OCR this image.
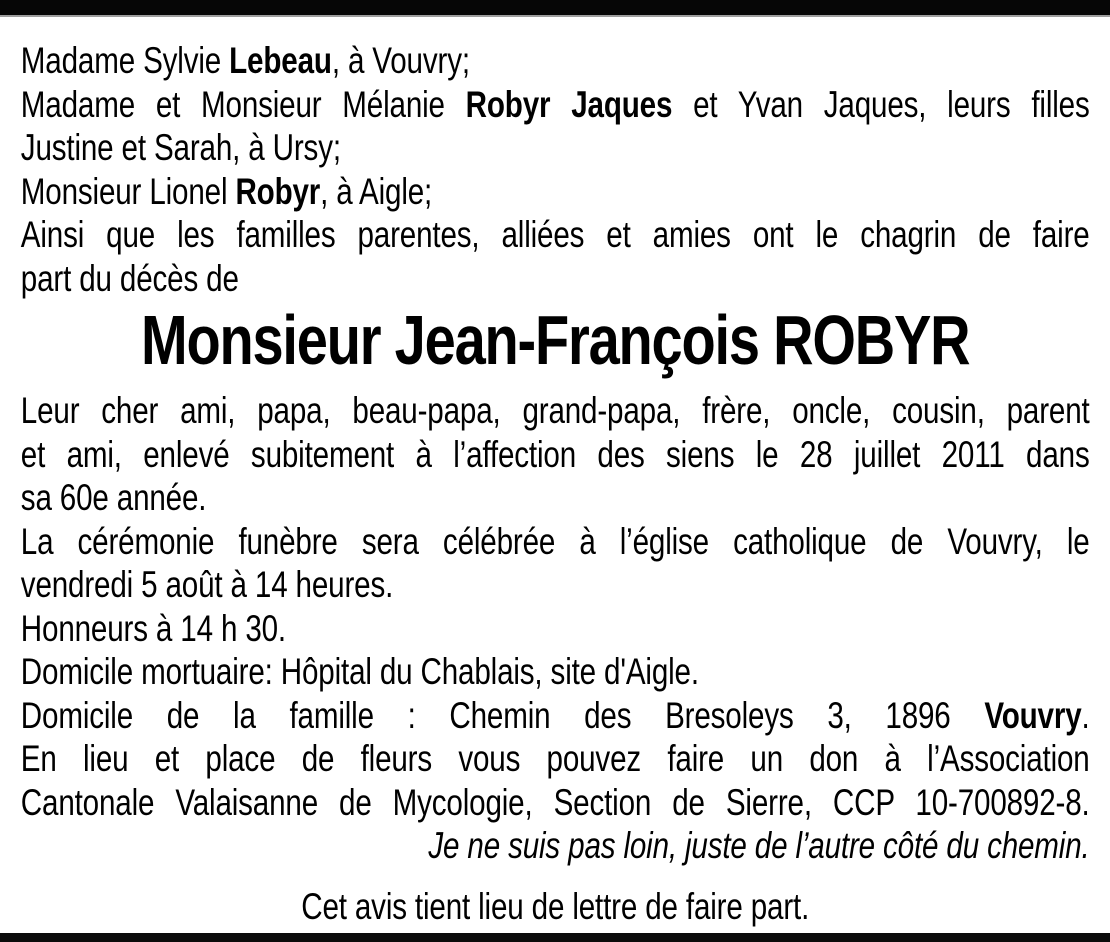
Madame Sylvie Lebeau, à Vouvry;

Madame et Monsieur Mélanie Robyr Jaques et Yvan Jaques, leurs filles

Justine et Sarah, à Ursy;

Monsieur Lionel Robyr, à Aigle;

Ainsi que les familles parentes, alliées et amies ont le chagrin de faire

part du décès de

Monsieur Jean-François ROBYR

Leur cher ami, papa, beau-papa, grand-papa, frère, oncle, cousin, parent

et ami, enlevé subitement à l’affection des siens le 28 juillet 2011 dans

sa 60e année.

La cérémonie funèbre sera célébrée à l’église catholique de Vouvry, le

vendredi 5 août à 14 heures.

Honneurs à 14 h 30.

Domicile mortuaire: Hôpital du Chablais, site d'Aigle.

Domicile de la famille : Chemin des Bresoleys 3, 1896 Vouvry.

En lieu et place de fleurs vous pouvez faire un don à l’Association

Cantonale Valaisanne de Mycologie, Section de Sierre, CCP 10-700892-8.

Je ne suis pas loin, juste de l’autre côté du chemin.

Cet avis tient lieu de lettre de faire part.
